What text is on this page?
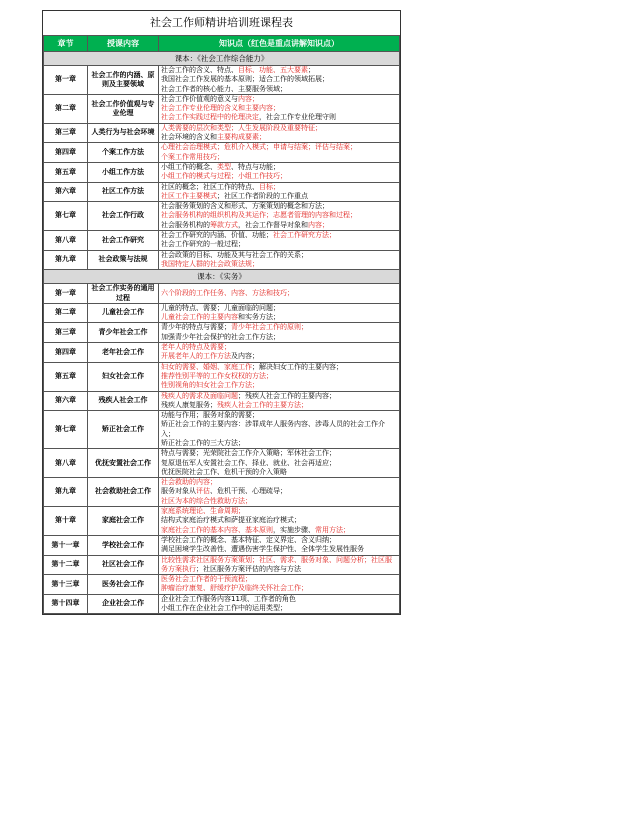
社会工作师精讲培训班课程表		
章节	授课内容	知识点（红色是重点讲解知识点）
课本：《社会工作综合能力》		
第一章	社会工作的内涵、原则及主要领域	社会工作的含义、特点、目标、功能、五大要素；
我国社会工作发展的基本原则；适合工作的领域拓展；
社会工作者的核心能力、主要服务领域；

第二章	社会工作价值观与专业伦理	社会工作价值观的意义与内容；
社会工作专业伦理的含义和主要内容；
社会工作实践过程中的伦理决定，社会工作专业伦理守则

第三章	人类行为与社会环境	人类需要的层次和类型；人生发展阶段及重要特征；
社会环境的含义和主要构成要素；

第四章	个案工作方法	心理社会治理模式；危机介入模式；申请与结案；评估与结案；
个案工作常用技巧；

第五章	小组工作方法	小组工作的概念、类型、特点与功能；
小组工作的模式与过程；小组工作技巧；

第六章	社区工作方法	社区的概念；社区工作的特点、目标；
社区工作主要模式；社区工作者阶段的工作重点

第七章	社会工作行政	社会服务策划的含义和形式、方案策划的概念和方法；
社会服务机构的组织机构及其运作；志愿者管理的内容和过程；
社会服务机构的筹款方式，社会工作督导对象和内容；

第八章	社会工作研究	社会工作研究的内涵、价值、功能；社会工作研究方法；
社会工作研究的一般过程；

第九章	社会政策与法规	社会政策的目标、功能及其与社会工作的关系；
我国特定人群的社会政策法规；

课本：《实务》		
第一章	社会工作实务的通用过程	六个阶段的工作任务、内容、方法和技巧；

第二章	儿童社会工作	儿童的特点、需要；儿童面临的问题；
儿童社会工作的主要内容和实务方法；

第三章	青少年社会工作	青少年的特点与需要；青少年社会工作的原则；
加强青少年社会保护的社会工作方法；

第四章	老年社会工作	老年人的特点及需要；
开展老年人的工作方法及内容；

第五章	妇女社会工作	妇女的需要、婚姻、家庭工作；解决妇女工作的主要内容；
推荐性别平等的工作女权权的方法；
性别视角的妇女社会工作方法；

第六章	残疾人社会工作	残疾人的需求及面临问题；残疾人社会工作的主要内容；
残疾人康复服务；残疾人社会工作的主要方法；

第七章	矫正社会工作	功能与作用；服务对象的需要；
矫正社会工作的主要内容：涉罪成年人服务内容、涉毒人员的社会工作介入；
矫正社会工作的三大方法；

第八章	优抚安置社会工作	特点与需要；光荣院社会工作介入策略；军休社会工作；
复原退伍军人安置社会工作、择业、就业、社会再适应；
优抚医院社会工作、危机干预的介入策略

第九章	社会救助社会工作	社会救助的内容；
服务对象从评估、危机干预、心理疏导；
社区为本的综合性救助方法；

第十章	家庭社会工作	家庭系统理论、生命周期；
结构式家庭治疗模式和萨提亚家庭治疗模式；
家庭社会工作的基本内容、基本原则，实施步骤、常用方法；

第十一章	学校社会工作	学校社会工作的概念、基本特征、定义界定、含义归纳；
满足困境学生改善性、遭遇伤害学生保护性、全体学生发展性服务

第十二章	社区社会工作	比较性需求社区服务方案策划；社区、需求、服务对象、问题分析；社区服务方案执行；社区服务方案评估的内容与方法

第十三章	医务社会工作	医务社会工作者的干预流程；
肿瘤治疗康复、舒缓疗护及临终关怀社会工作；

第十四章	企业社会工作	企业社会工作服务内容11项、工作者的角色
小组工作在企业社会工作中的运用类型；
